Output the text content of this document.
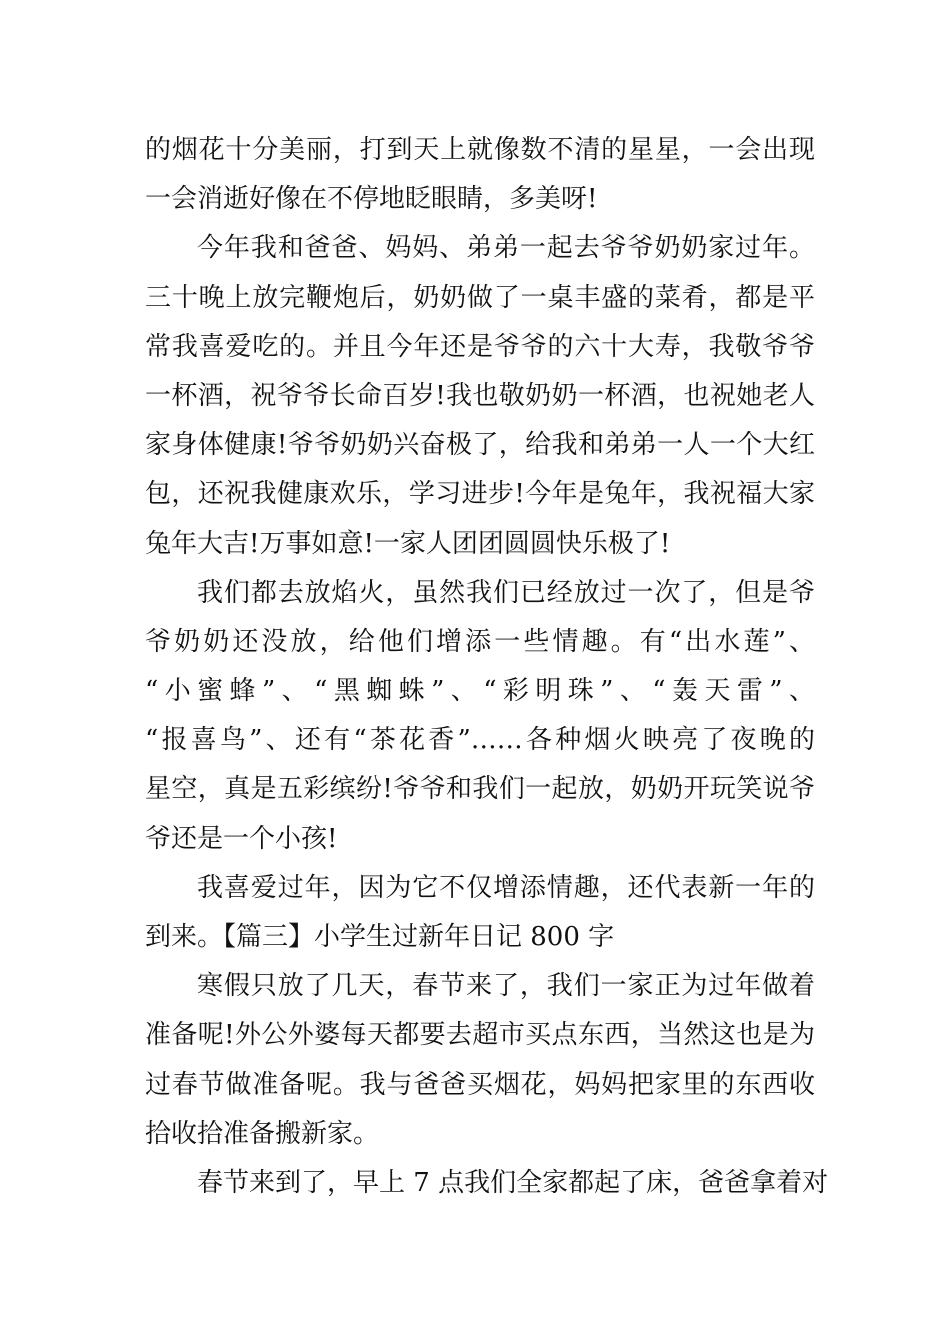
的烟花十分美丽，打到天上就像数不清的星星，一会出现
一会消逝好像在不停地眨眼睛，多美呀!
今年我和爸爸、妈妈、弟弟一起去爷爷奶奶家过年。
三十晚上放完鞭炮后，奶奶做了一桌丰盛的菜肴，都是平
常我喜爱吃的。并且今年还是爷爷的六十大寿，我敬爷爷
一杯酒，祝爷爷长命百岁!我也敬奶奶一杯酒，也祝她老人
家身体健康!爷爷奶奶兴奋极了，给我和弟弟一人一个大红
包，还祝我健康欢乐，学习进步!今年是兔年，我祝福大家
兔年大吉!万事如意!一家人团团圆圆快乐极了!
我们都去放焰火，虽然我们已经放过一次了，但是爷
爷奶奶还没放，给他们增添一些情趣。有“出水莲”、
“小蜜蜂”、“黑蜘蛛”、“彩明珠”、“轰天雷”、
“报喜鸟”、还有“茶花香”……各种烟火映亮了夜晚的
星空，真是五彩缤纷!爷爷和我们一起放，奶奶开玩笑说爷
爷还是一个小孩!
我喜爱过年，因为它不仅增添情趣，还代表新一年的
到来。【篇三】小学生过新年日记 800 字
寒假只放了几天，春节来了，我们一家正为过年做着
准备呢!外公外婆每天都要去超市买点东西，当然这也是为
过春节做准备呢。我与爸爸买烟花，妈妈把家里的东西收
拾收拾准备搬新家。
春节来到了，早上 7 点我们全家都起了床，爸爸拿着对
